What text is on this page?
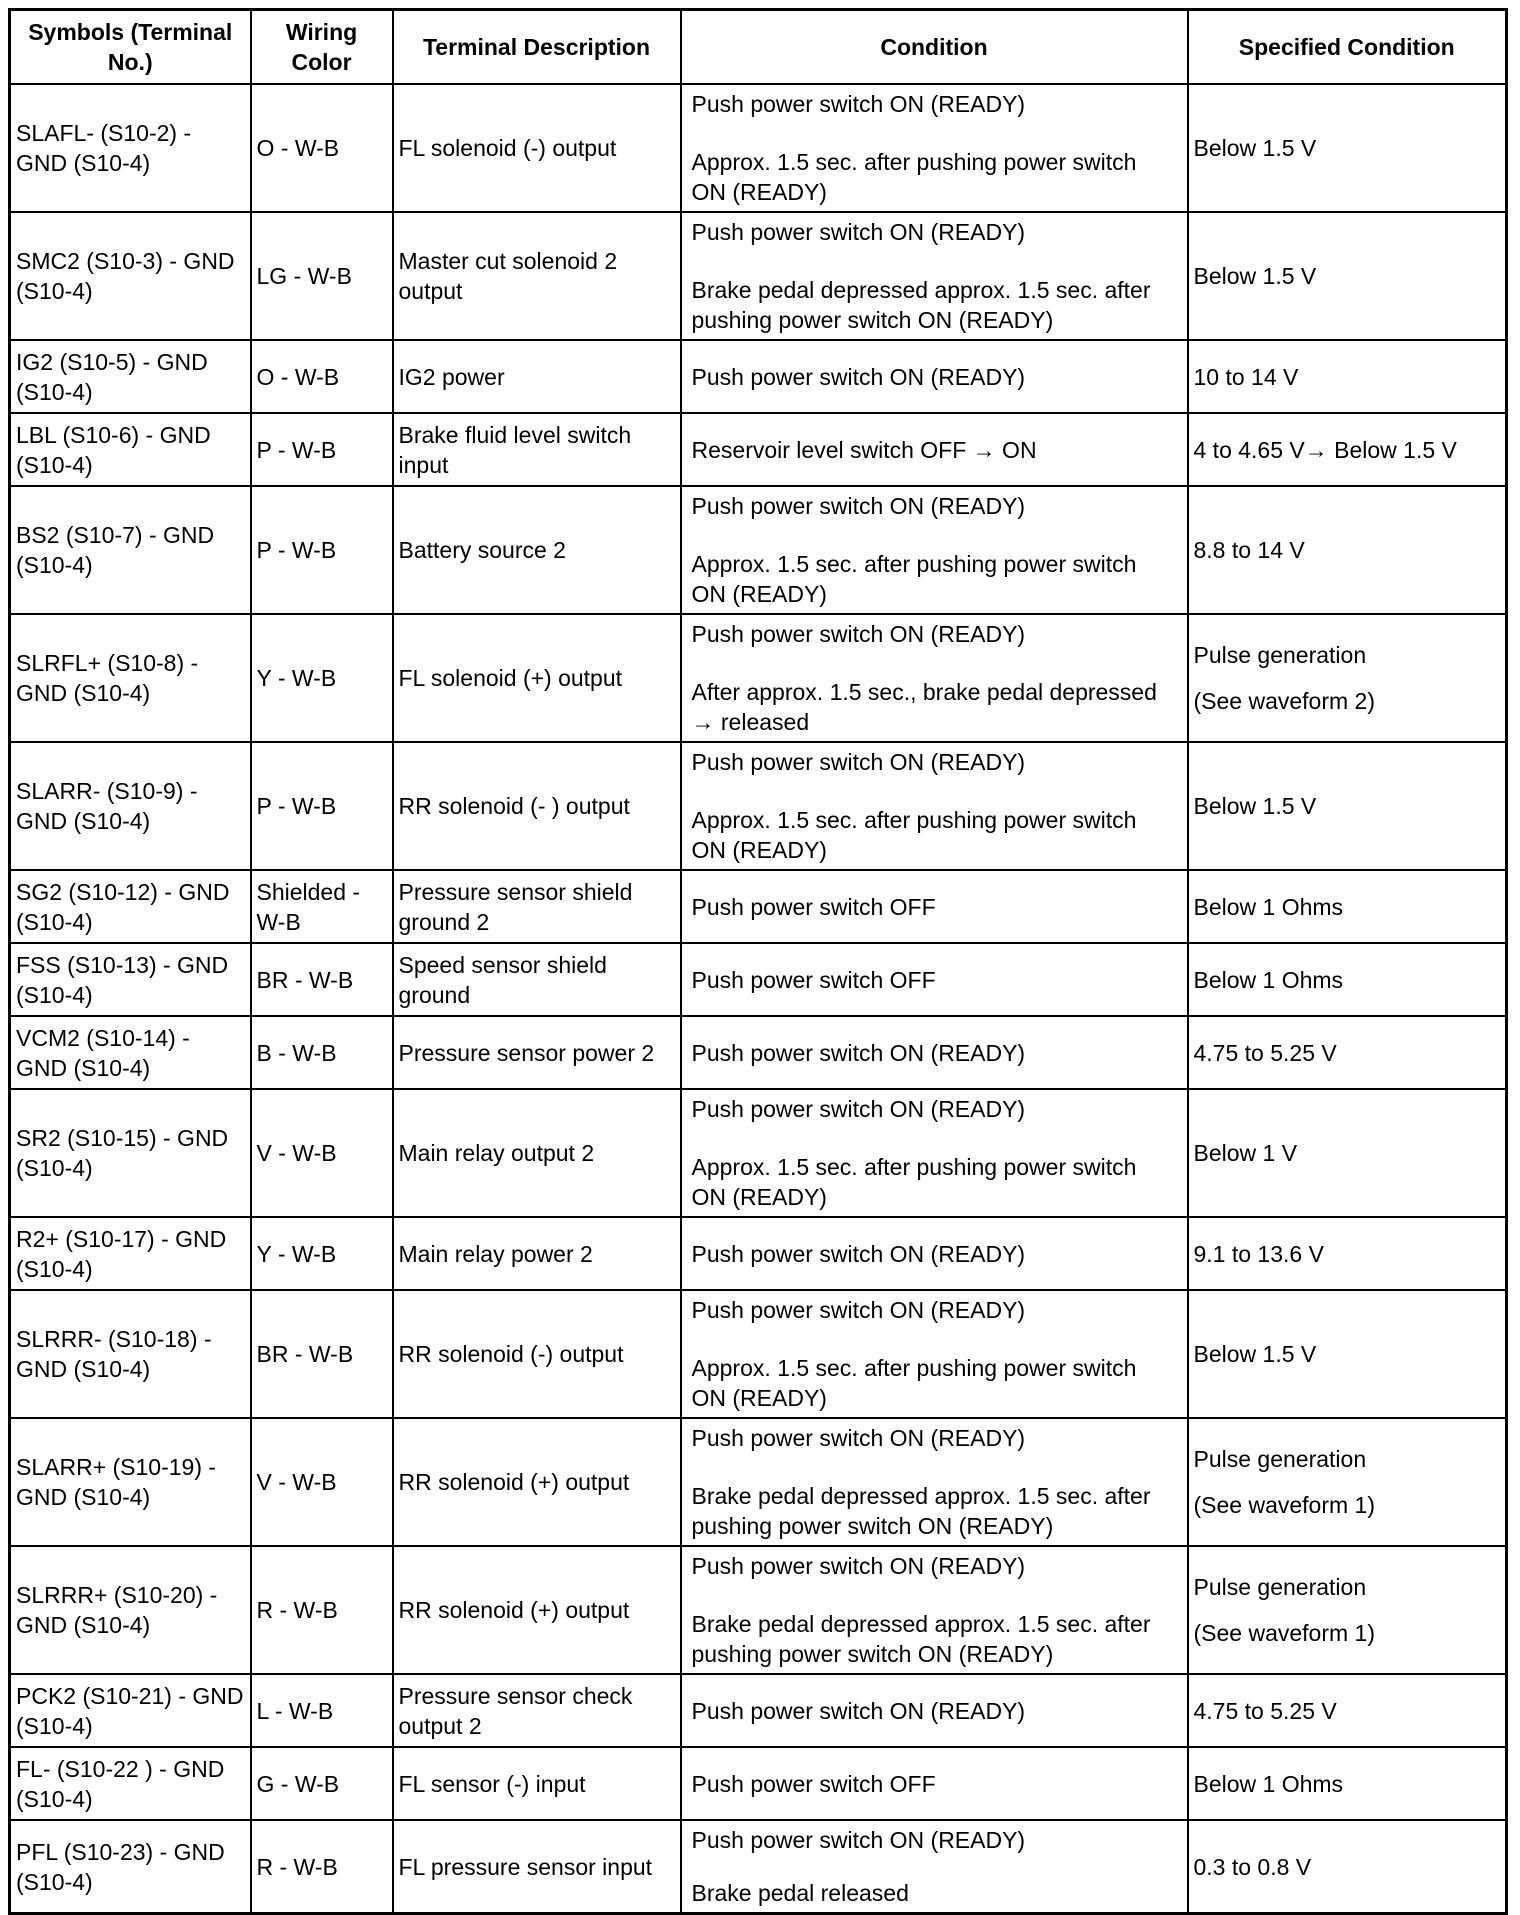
Symbols (Terminal No.)	Wiring Color	Terminal Description	Condition	Specified Condition
SLAFL- (S10-2) - GND (S10-4)	O - W-B	FL solenoid (-) output	Push power switch ON (READY)
Approx. 1.5 sec. after pushing power switch ON (READY)	Below 1.5 V
SMC2 (S10-3) - GND (S10-4)	LG - W-B	Master cut solenoid 2 output	Push power switch ON (READY)
Brake pedal depressed approx. 1.5 sec. after pushing power switch ON (READY)	Below 1.5 V
IG2 (S10-5) - GND (S10-4)	O - W-B	IG2 power	Push power switch ON (READY)	10 to 14 V
LBL (S10-6) - GND (S10-4)	P - W-B	Brake fluid level switch input	Reservoir level switch OFF → ON	4 to 4.65 V→ Below 1.5 V
BS2 (S10-7) - GND (S10-4)	P - W-B	Battery source 2	Push power switch ON (READY)
Approx. 1.5 sec. after pushing power switch ON (READY)	8.8 to 14 V
SLRFL+ (S10-8) - GND (S10-4)	Y - W-B	FL solenoid (+) output	Push power switch ON (READY)
After approx. 1.5 sec., brake pedal depressed → released	Pulse generation
(See waveform 2)

SLARR- (S10-9) - GND (S10-4)	P - W-B	RR solenoid (- ) output	Push power switch ON (READY)
Approx. 1.5 sec. after pushing power switch ON (READY)	Below 1.5 V
SG2 (S10-12) - GND (S10-4)	Shielded - W-B	Pressure sensor shield ground 2	Push power switch OFF	Below 1 Ohms
FSS (S10-13) - GND (S10-4)	BR - W-B	Speed sensor shield ground	Push power switch OFF	Below 1 Ohms
VCM2 (S10-14) - GND (S10-4)	B - W-B	Pressure sensor power 2	Push power switch ON (READY)	4.75 to 5.25 V
SR2 (S10-15) - GND (S10-4)	V - W-B	Main relay output 2	Push power switch ON (READY)
Approx. 1.5 sec. after pushing power switch ON (READY)	Below 1 V
R2+ (S10-17) - GND (S10-4)	Y - W-B	Main relay power 2	Push power switch ON (READY)	9.1 to 13.6 V
SLRRR- (S10-18) - GND (S10-4)	BR - W-B	RR solenoid (-) output	Push power switch ON (READY)
Approx. 1.5 sec. after pushing power switch ON (READY)	Below 1.5 V
SLARR+ (S10-19) - GND (S10-4)	V - W-B	RR solenoid (+) output	Push power switch ON (READY)
Brake pedal depressed approx. 1.5 sec. after pushing power switch ON (READY)	Pulse generation
(See waveform 1)

SLRRR+ (S10-20) - GND (S10-4)	R - W-B	RR solenoid (+) output	Push power switch ON (READY)
Brake pedal depressed approx. 1.5 sec. after pushing power switch ON (READY)	Pulse generation
(See waveform 1)

PCK2 (S10-21) - GND (S10-4)	L - W-B	Pressure sensor check output 2	Push power switch ON (READY)	4.75 to 5.25 V
FL- (S10-22 ) - GND (S10-4)	G - W-B	FL sensor (-) input	Push power switch OFF	Below 1 Ohms
PFL (S10-23) - GND (S10-4)	R - W-B	FL pressure sensor input	Push power switch ON (READY)
Brake pedal released	0.3 to 0.8 V
